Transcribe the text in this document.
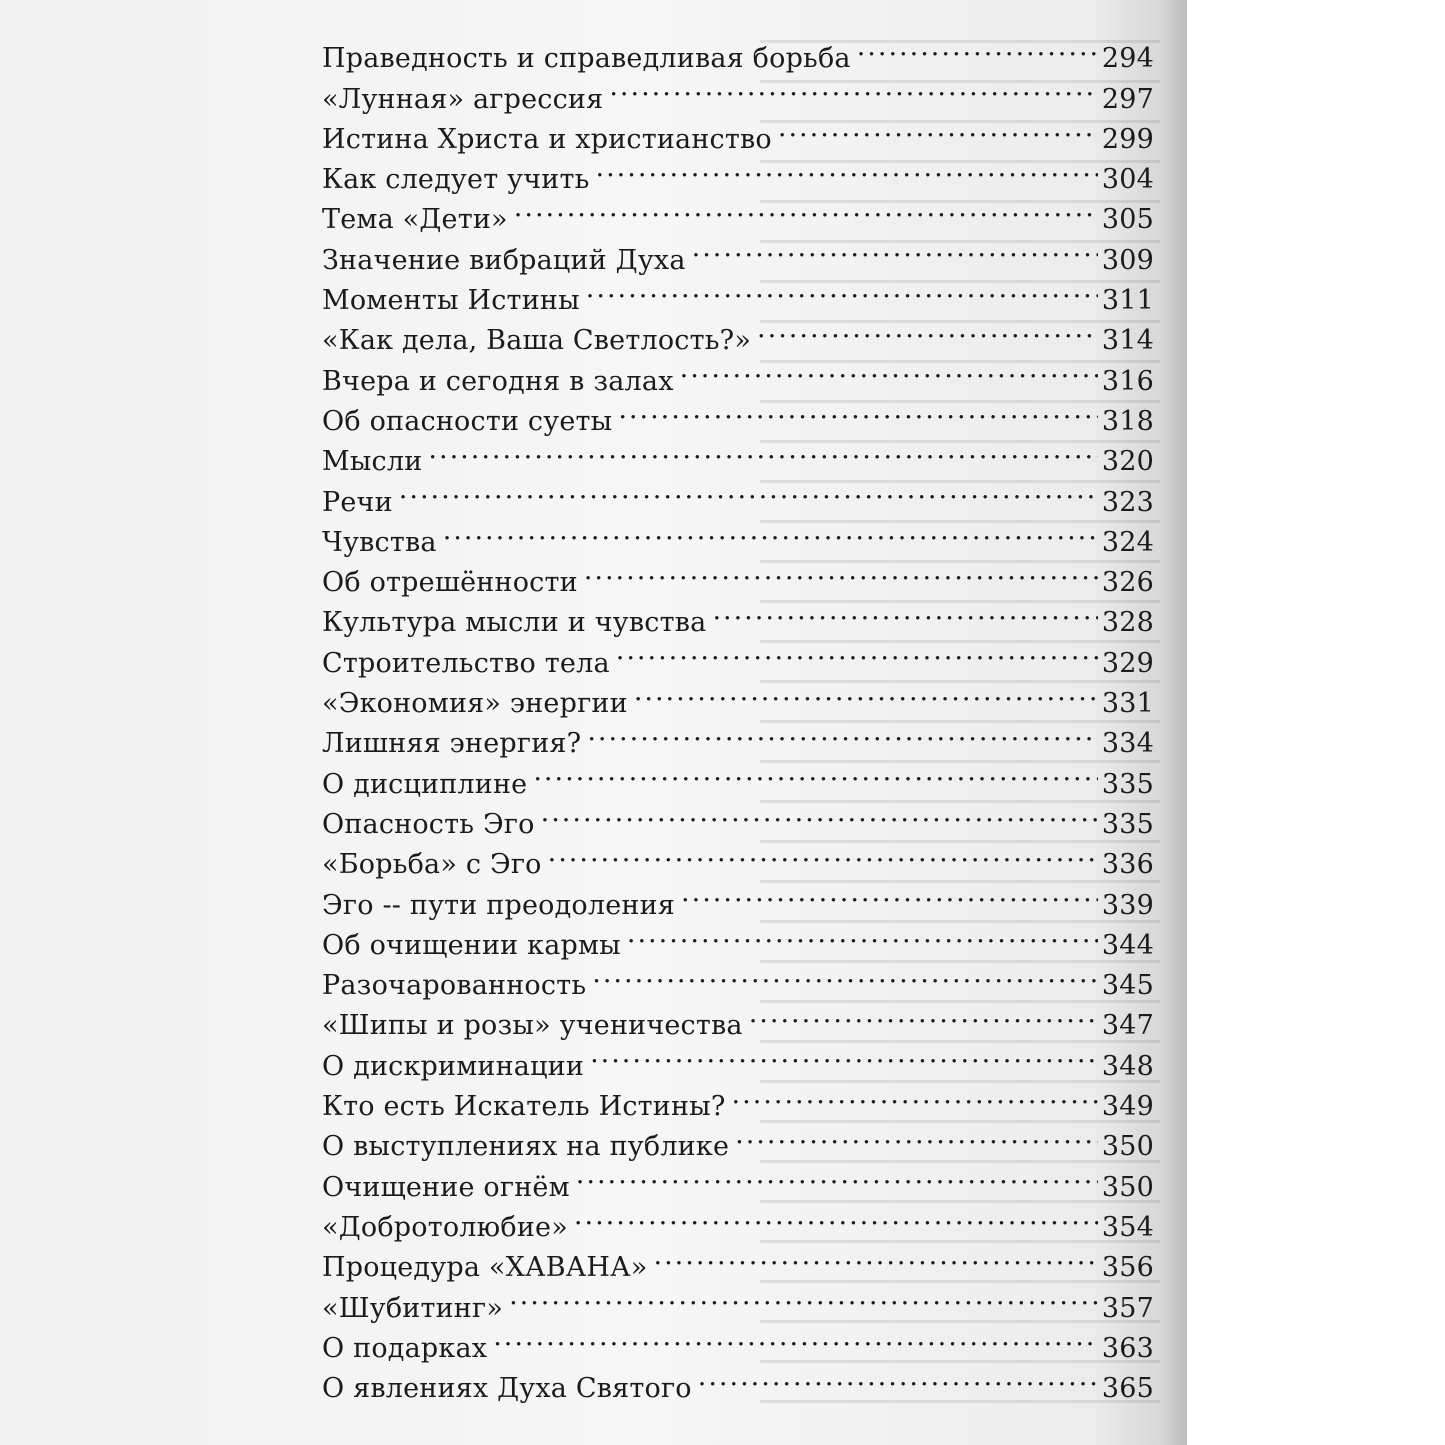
Праведность и справедливая борьба .....	294
«Лунная» агрессия .....	297
Истина Христа и христианство .....	299
Как следует учить .....	304
Тема «Дети» .....	305
Значение вибраций Духа .....	309
Моменты Истины .....	311
«Как дела, Ваша Светлость?» .....	314
Вчера и сегодня в залах .....	316
Об опасности суеты .....	318
Мысли .....	320
Речи .....	323
Чувства .....	324
Об отрешённости .....	326
Культура мысли и чувства .....	328
Строительство тела .....	329
«Экономия» энергии .....	331
Лишняя энергия? .....	334
О дисциплине .....	335
Опасность Эго .....	335
«Борьба» с Эго .....	336
Эго -- пути преодоления .....	339
Об очищении кармы .....	344
Разочарованность .....	345
«Шипы и розы» ученичества .....	347
О дискриминации .....	348
Кто есть Искатель Истины? .....	349
О выступлениях на публике .....	350
Очищение огнём .....	350
«Добротолюбие» .....	354
Процедура «ХАВАНА» .....	356
«Шубитинг» .....	357
О подарках .....	363
О явлениях Духа Святого .....	365
